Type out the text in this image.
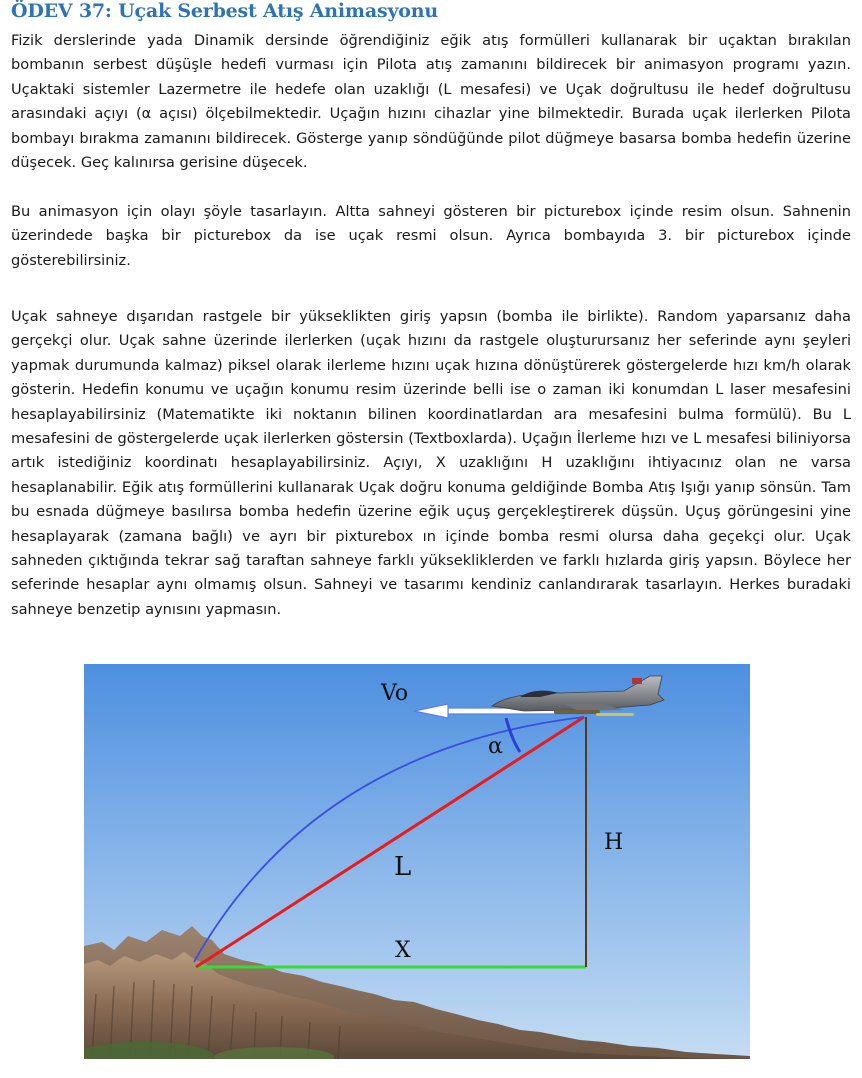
ÖDEV 37: Uçak Serbest Atış Animasyonu

Fizik derslerinde yada Dinamik dersinde öğrendiğiniz eğik atış formülleri kullanarak bir uçaktan bırakılan bombanın serbest düşüşle hedefi vurması için Pilota atış zamanını bildirecek bir animasyon programı yazın. Uçaktaki sistemler Lazermetre ile hedefe olan uzaklığı (L mesafesi) ve Uçak doğrultusu ile hedef doğrultusu arasındaki açıyı (α açısı) ölçebilmektedir. Uçağın hızını cihazlar yine bilmektedir. Burada uçak ilerlerken Pilota bombayı bırakma zamanını bildirecek. Gösterge yanıp söndüğünde pilot düğmeye basarsa bomba hedefin üzerine düşecek. Geç kalınırsa gerisine düşecek.

Bu animasyon için olayı şöyle tasarlayın. Altta sahneyi gösteren bir picturebox içinde resim olsun. Sahnenin üzerindede başka bir picturebox da ise uçak resmi olsun. Ayrıca bombayıda 3. bir picturebox içinde gösterebilirsiniz.

Uçak sahneye dışarıdan rastgele bir yükseklikten giriş yapsın (bomba ile birlikte). Random yaparsanız daha gerçekçi olur. Uçak sahne üzerinde ilerlerken (uçak hızını da rastgele oluşturursanız her seferinde aynı şeyleri yapmak durumunda kalmaz) piksel olarak ilerleme hızını uçak hızına dönüştürerek göstergelerde hızı km/h olarak gösterin. Hedefin konumu ve uçağın konumu resim üzerinde belli ise o zaman iki konumdan L laser mesafesini hesaplayabilirsiniz (Matematikte iki noktanın bilinen koordinatlardan ara mesafesini bulma formülü). Bu L mesafesini de göstergelerde uçak ilerlerken göstersin (Textboxlarda). Uçağın İlerleme hızı ve L mesafesi biliniyorsa artık istediğiniz koordinatı hesaplayabilirsiniz. Açıyı, X uzaklığını H uzaklığını ihtiyacınız olan ne varsa hesaplanabilir. Eğik atış formüllerini kullanarak Uçak doğru konuma geldiğinde Bomba Atış Işığı yanıp sönsün. Tam bu esnada düğmeye basılırsa bomba hedefin üzerine eğik uçuş gerçekleştirerek düşsün. Uçuş görüngesini yine hesaplayarak (zamana bağlı) ve ayrı bir pixturebox ın içinde bomba resmi olursa daha geçekçi olur. Uçak sahneden çıktığında tekrar sağ taraftan sahneye farklı yüksekliklerden ve farklı hızlarda giriş yapsın. Böylece her seferinde hesaplar aynı olmamış olsun. Sahneyi ve tasarımı kendiniz canlandırarak tasarlayın. Herkes buradaki sahneye benzetip aynısını yapmasın.

Vo
α
L
H
X
